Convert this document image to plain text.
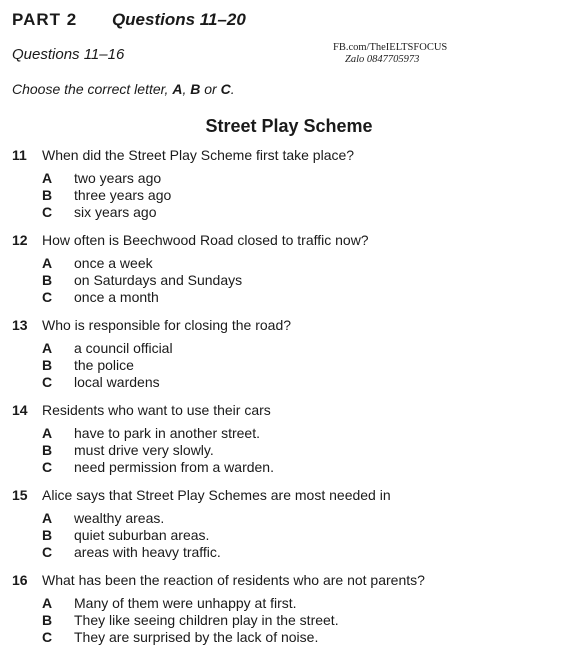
PART 2 Questions 11–20
FB.com/TheIELTSFOCUS
Zalo 0847705973
Questions 11–16
Choose the correct letter, A, B or C.
Street Play Scheme
11 When did the Street Play Scheme first take place?
A two years ago
B three years ago
C six years ago
12 How often is Beechwood Road closed to traffic now?
A once a week
B on Saturdays and Sundays
C once a month
13 Who is responsible for closing the road?
A a council official
B the police
C local wardens
14 Residents who want to use their cars
A have to park in another street.
B must drive very slowly.
C need permission from a warden.
15 Alice says that Street Play Schemes are most needed in
A wealthy areas.
B quiet suburban areas.
C areas with heavy traffic.
16 What has been the reaction of residents who are not parents?
A Many of them were unhappy at first.
B They like seeing children play in the street.
C They are surprised by the lack of noise.
